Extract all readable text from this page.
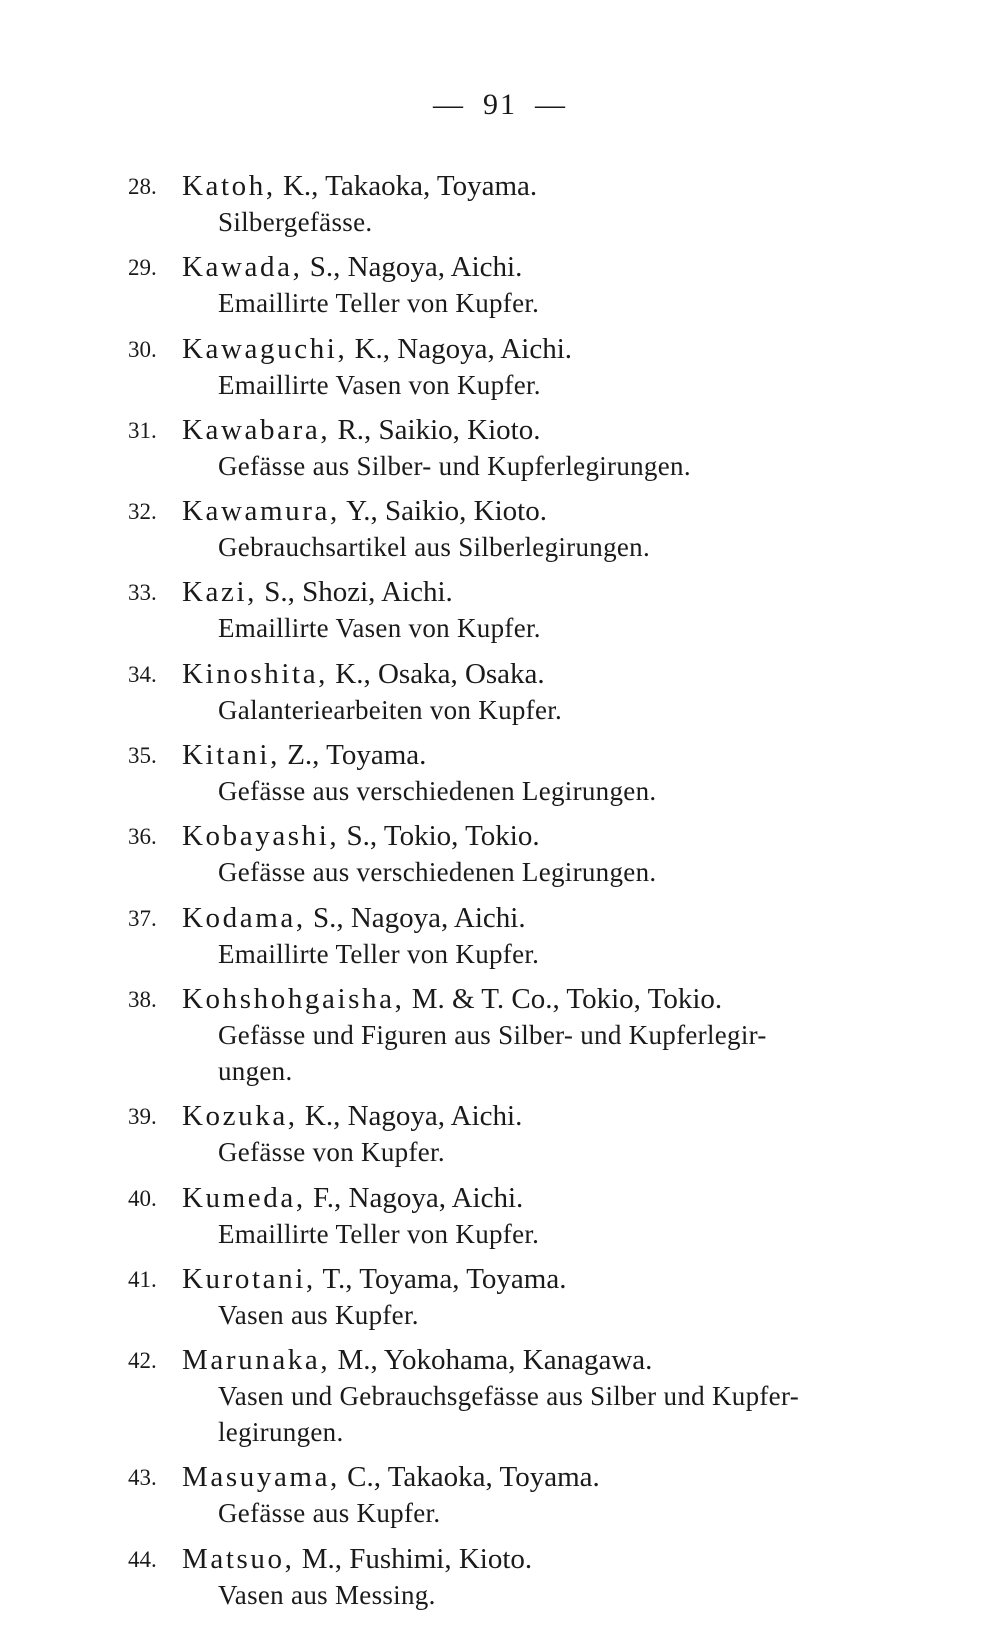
— 91 —
28. Katoh, K., Takaoka, Toyama.
Silbergefässe.
29. Kawada, S., Nagoya, Aichi.
Emaillirte Teller von Kupfer.
30. Kawaguchi, K., Nagoya, Aichi.
Emaillirte Vasen von Kupfer.
31. Kawabara, R., Saikio, Kioto.
Gefässe aus Silber- und Kupferlegirungen.
32. Kawamura, Y., Saikio, Kioto.
Gebrauchsartikel aus Silberlegirungen.
33. Kazi, S., Shozi, Aichi.
Emaillirte Vasen von Kupfer.
34. Kinoshita, K., Osaka, Osaka.
Galanteriearbeiten von Kupfer.
35. Kitani, Z., Toyama.
Gefässe aus verschiedenen Legirungen.
36. Kobayashi, S., Tokio, Tokio.
Gefässe aus verschiedenen Legirungen.
37. Kodama, S., Nagoya, Aichi.
Emaillirte Teller von Kupfer.
38. Kohshohgaisha, M. & T. Co., Tokio, Tokio.
Gefässe und Figuren aus Silber- und Kupferlegir-
ungen.
39. Kozuka, K., Nagoya, Aichi.
Gefässe von Kupfer.
40. Kumeda, F., Nagoya, Aichi.
Emaillirte Teller von Kupfer.
41. Kurotani, T., Toyama, Toyama.
Vasen aus Kupfer.
42. Marunaka, M., Yokohama, Kanagawa.
Vasen und Gebrauchsgefässe aus Silber und Kupfer-
legirungen.
43. Masuyama, C., Takaoka, Toyama.
Gefässe aus Kupfer.
44. Matsuo, M., Fushimi, Kioto.
Vasen aus Messing.
